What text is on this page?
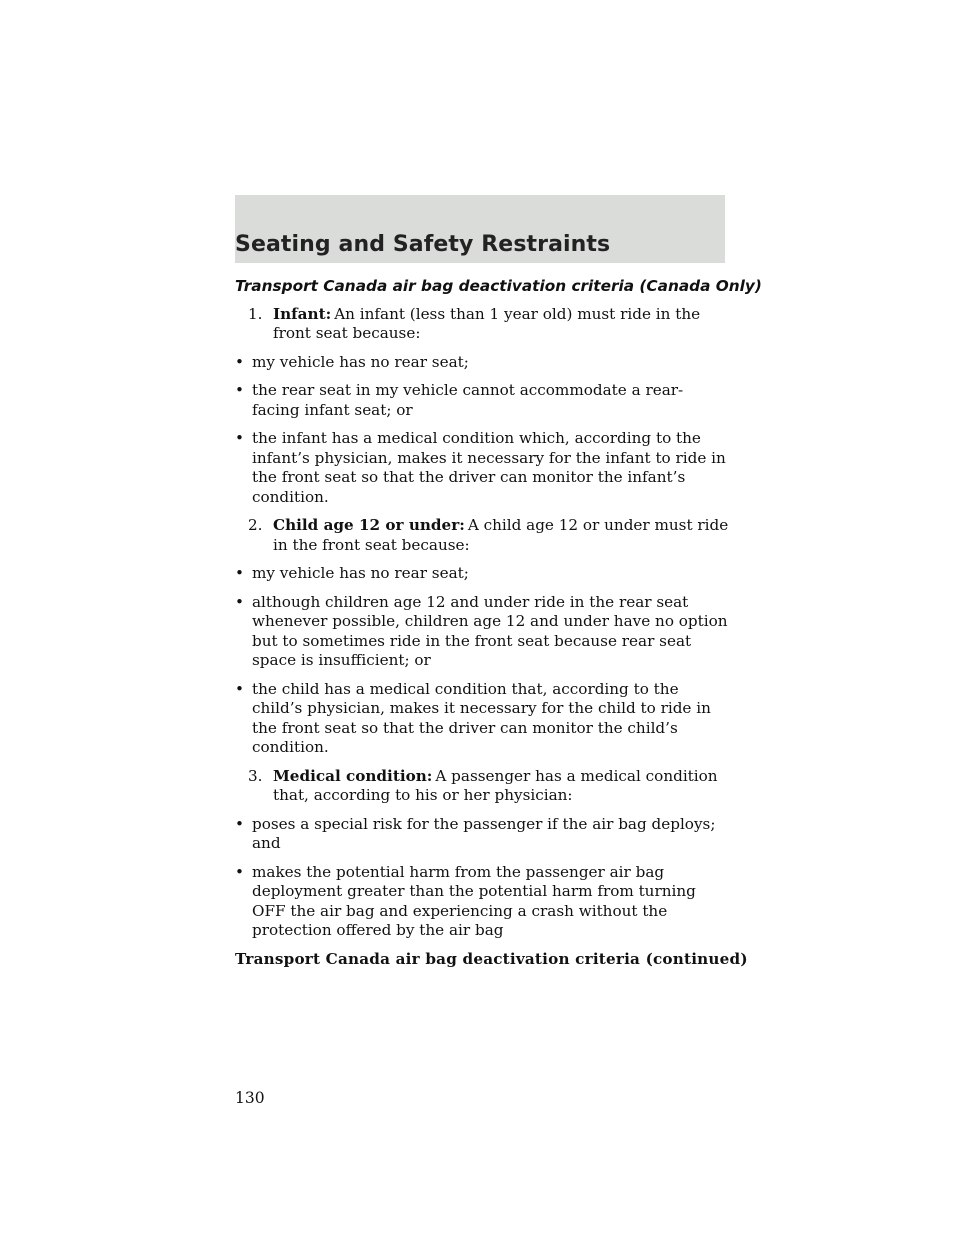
Seating and Safety Restraints

Transport Canada air bag deactivation criteria (Canada Only)

1. Infant: An infant (less than 1 year old) must ride in the front seat because:
• my vehicle has no rear seat;
• the rear seat in my vehicle cannot accommodate a rear-facing infant seat; or
• the infant has a medical condition which, according to the infant’s physician, makes it necessary for the infant to ride in the front seat so that the driver can monitor the infant’s condition.
2. Child age 12 or under: A child age 12 or under must ride in the front seat because:
• my vehicle has no rear seat;
• although children age 12 and under ride in the rear seat whenever possible, children age 12 and under have no option but to sometimes ride in the front seat because rear seat space is insufficient; or
• the child has a medical condition that, according to the child’s physician, makes it necessary for the child to ride in the front seat so that the driver can monitor the child’s condition.
3. Medical condition: A passenger has a medical condition that, according to his or her physician:
• poses a special risk for the passenger if the air bag deploys; and
• makes the potential harm from the passenger air bag deployment greater than the potential harm from turning OFF the air bag and experiencing a crash without the protection offered by the air bag

Transport Canada air bag deactivation criteria (continued)

130
